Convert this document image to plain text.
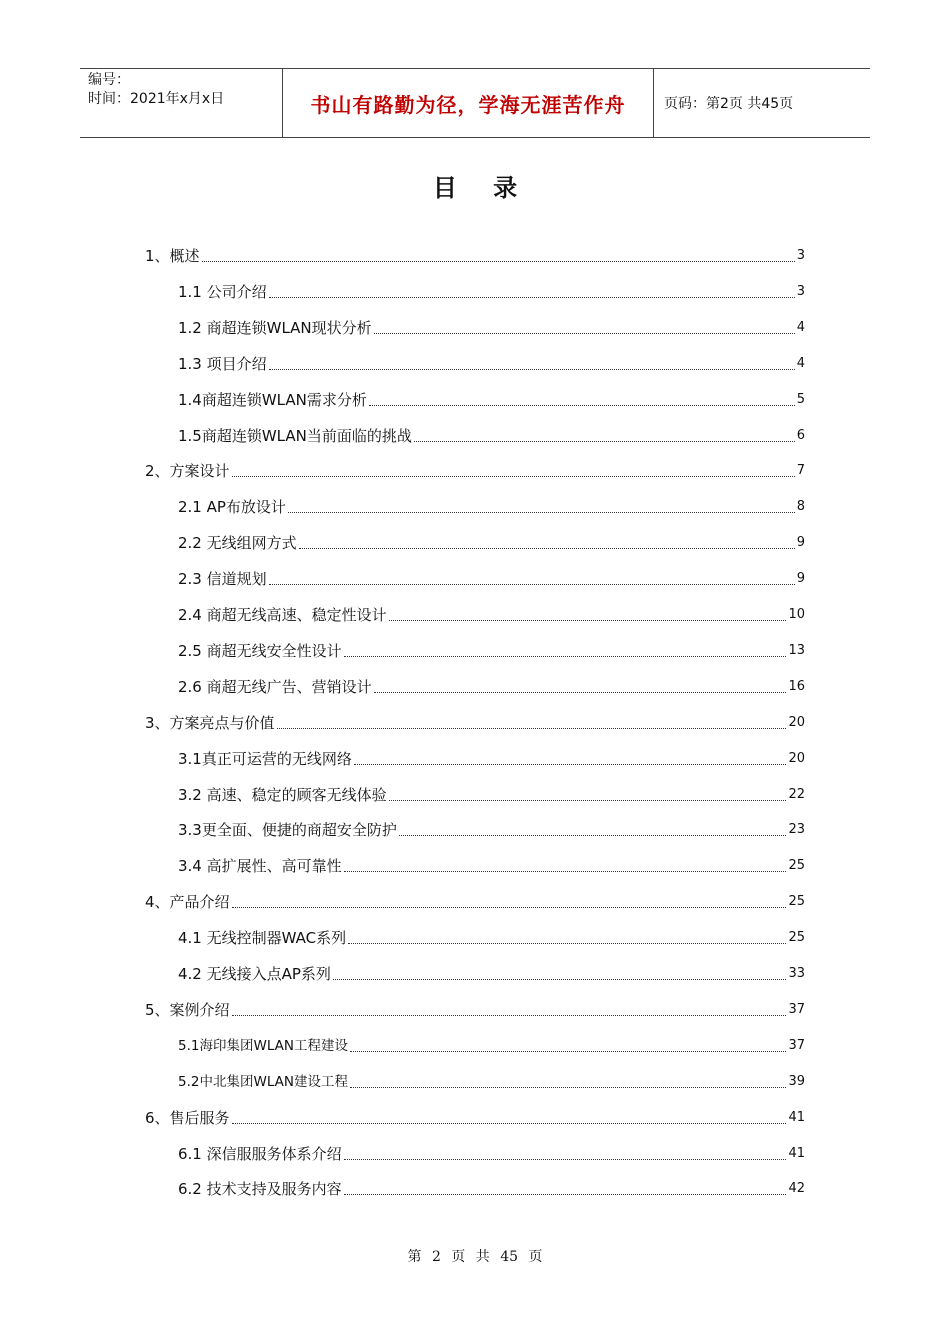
编号：
时间：2021年x月x日	书山有路勤为径，学海无涯苦作舟	页码：第2页 共45页
目 录
1、概述	3
1.1 公司介绍	3
1.2 商超连锁WLAN现状分析	4
1.3 项目介绍	4
1.4商超连锁WLAN需求分析	5
1.5商超连锁WLAN当前面临的挑战	6
2、方案设计	7
2.1 AP布放设计	8
2.2 无线组网方式	9
2.3 信道规划	9
2.4 商超无线高速、稳定性设计	10
2.5 商超无线安全性设计	13
2.6 商超无线广告、营销设计	16
3、方案亮点与价值	20
3.1真正可运营的无线网络	20
3.2 高速、稳定的顾客无线体验	22
3.3更全面、便捷的商超安全防护	23
3.4 高扩展性、高可靠性	25
4、产品介绍	25
4.1 无线控制器WAC系列	25
4.2 无线接入点AP系列	33
5、案例介绍	37
5.1海印集团WLAN工程建设	37
5.2中北集团WLAN建设工程	39
6、售后服务	41
6.1 深信服服务体系介绍	41
6.2 技术支持及服务内容	42
第 2 页 共 45 页
